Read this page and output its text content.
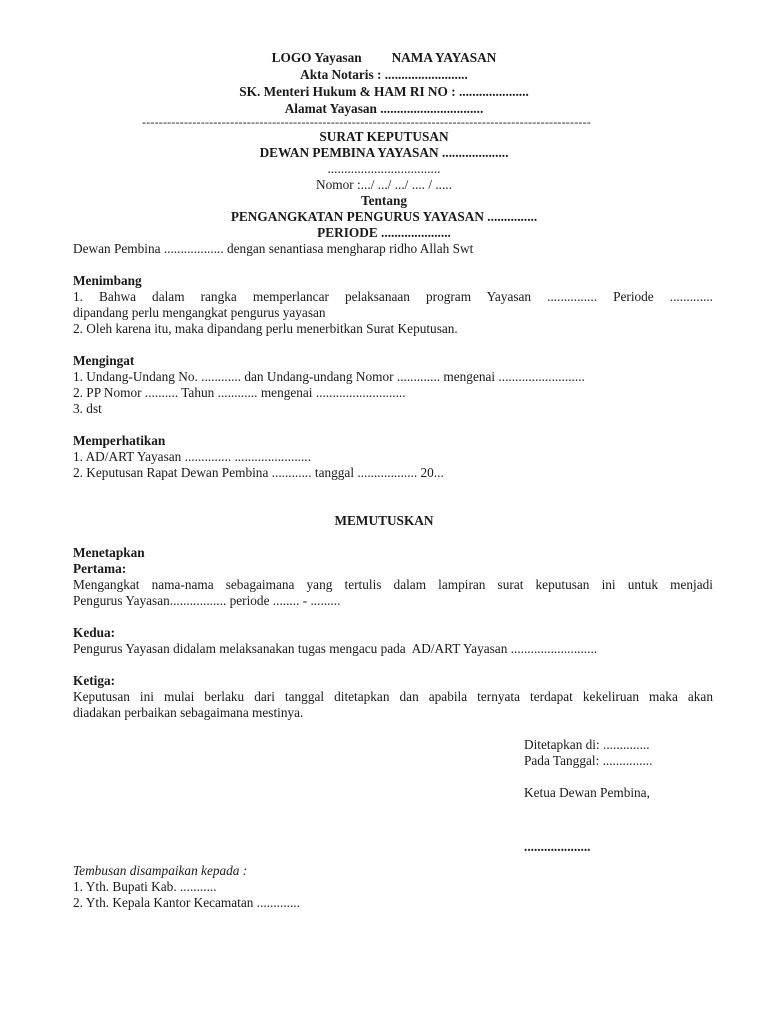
LOGO Yayasan         NAMA YAYASAN
Akta Notaris : .........................
SK. Menteri Hukum & HAM RI NO : .....................
Alamat Yayasan ...............................
-----------------------------------------------------------------------------------------------------------
SURAT KEPUTUSAN
DEWAN PEMBINA YAYASAN ....................
..................................
Nomor :.../ .../ .../ .... / .....
Tentang
PENGANGKATAN PENGURUS YAYASAN ...............
PERIODE .....................
Dewan Pembina .................. dengan senantiasa mengharap ridho Allah Swt
Menimbang
1. Bahwa dalam rangka memperlancar pelaksanaan program Yayasan ............... Periode .............
dipandang perlu mengangkat pengurus yayasan
2. Oleh karena itu, maka dipandang perlu menerbitkan Surat Keputusan.
Mengingat
1. Undang-Undang No. ............ dan Undang-undang Nomor ............. mengenai ..........................
2. PP Nomor .......... Tahun ............ mengenai ...........................
3. dst
Memperhatikan
1. AD/ART Yayasan .............. .......................
2. Keputusan Rapat Dewan Pembina ............ tanggal .................. 20...
MEMUTUSKAN
Menetapkan
Pertama:
Mengangkat nama-nama sebagaimana yang tertulis dalam lampiran surat keputusan ini untuk menjadi
Pengurus Yayasan................. periode ........ - .........
Kedua:
Pengurus Yayasan didalam melaksanakan tugas mengacu pada  AD/ART Yayasan ..........................
Ketiga:
Keputusan ini mulai berlaku dari tanggal ditetapkan dan apabila ternyata terdapat kekeliruan maka akan
diadakan perbaikan sebagaimana mestinya.
Ditetapkan di: ..............
Pada Tanggal: ...............
Ketua Dewan Pembina,
....................
Tembusan disampaikan kepada :
1. Yth. Bupati Kab. ...........
2. Yth. Kepala Kantor Kecamatan .............
